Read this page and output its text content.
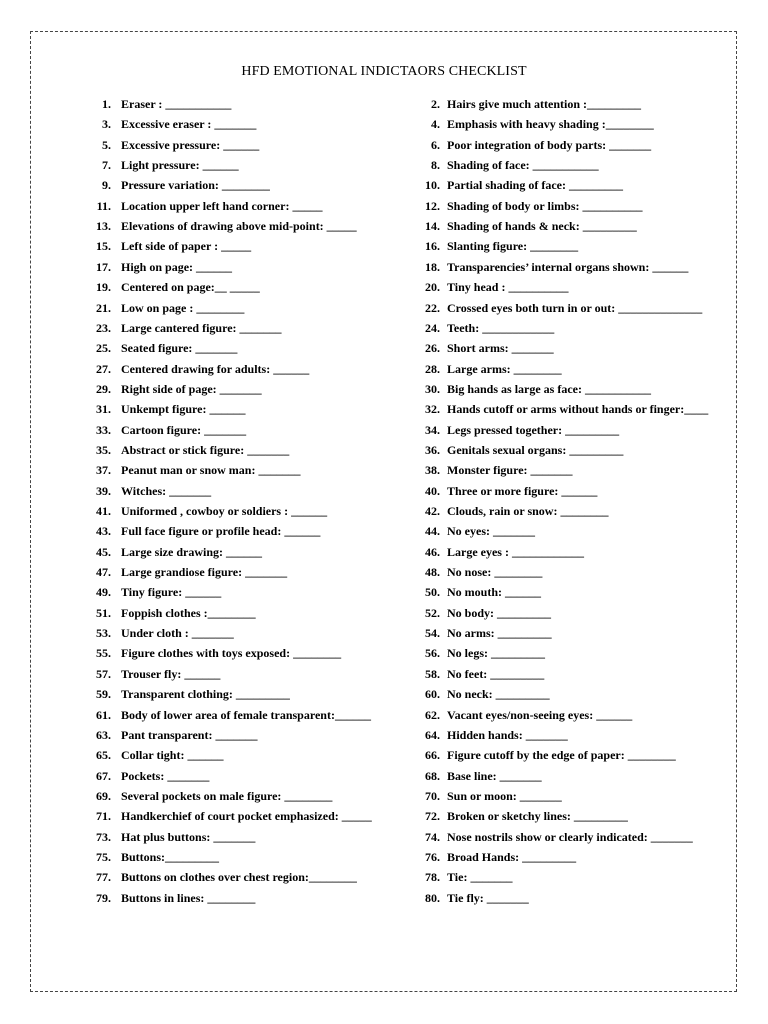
HFD EMOTIONAL INDICTAORS CHECKLIST
1. Eraser : ___________
3. Excessive eraser : _______
5. Excessive pressure: ______
7. Light pressure: ______
9. Pressure variation: ________
11. Location upper left hand corner: _____
13. Elevations of drawing above mid-point: _____
15. Left side of paper : _____
17. High on page: ______
19. Centered on page:__ _____
21. Low on page : ________
23. Large cantered figure: _______
25. Seated figure: _______
27. Centered drawing for adults: ______
29. Right side of page: _______
31. Unkempt figure: ______
33. Cartoon figure: _______
35. Abstract or stick figure: _______
37. Peanut man or snow man: _______
39. Witches: _______
41. Uniformed , cowboy or soldiers : ______
43. Full face figure or profile head: ______
45. Large size drawing: ______
47. Large grandiose figure: _______
49. Tiny figure: ______
51. Foppish clothes :________
53. Under cloth : _______
55. Figure clothes with toys exposed: ________
57. Trouser fly: ______
59. Transparent clothing: _________
61. Body of lower area of female transparent:______
63. Pant transparent: _______
65. Collar tight: ______
67. Pockets: _______
69. Several pockets on male figure: ________
71. Handkerchief of court pocket emphasized: _____
73. Hat plus buttons: _______
75. Buttons:_________
77. Buttons on clothes over chest region:________
79. Buttons in lines: ________
2. Hairs give much attention :_________
4. Emphasis with heavy shading :________
6. Poor integration of body parts: _______
8. Shading of face: ___________
10. Partial shading of face: _________
12. Shading of body or limbs: __________
14. Shading of hands & neck: _________
16. Slanting figure: ________
18. Transparencies’ internal organs shown: ______
20. Tiny head : __________
22. Crossed eyes both turn in or out: ______________
24. Teeth: ____________
26. Short arms: _______
28. Large arms: ________
30. Big hands as large as face: ___________
32. Hands cutoff or arms without hands or finger:____
34. Legs pressed together: _________
36. Genitals sexual organs: _________
38. Monster figure: _______
40. Three or more figure: ______
42. Clouds, rain or snow: ________
44. No eyes: _______
46. Large eyes : ____________
48. No nose: ________
50. No mouth: ______
52. No body: _________
54. No arms: _________
56. No legs: _________
58. No feet: _________
60. No neck: _________
62. Vacant eyes/non-seeing eyes: ______
64. Hidden hands: _______
66. Figure cutoff by the edge of paper: ________
68. Base line: _______
70. Sun or moon: _______
72. Broken or sketchy lines: _________
74. Nose nostrils show or clearly indicated: _______
76. Broad Hands: _________
78. Tie: _______
80. Tie fly: _______
